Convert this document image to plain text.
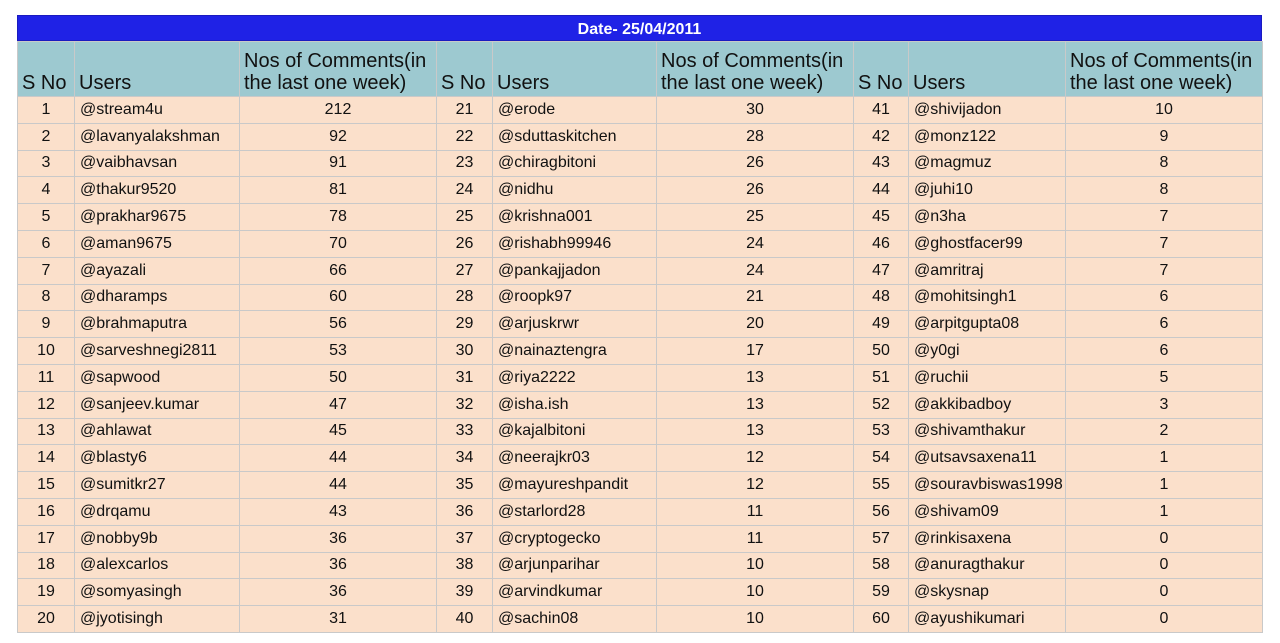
Date- 25/04/2011
S No	Users	Nos of Comments(in the last one week)	S No	Users	Nos of Comments(in the last one week)	S No	Users	Nos of Comments(in the last one week)
1	@stream4u	212	21	@erode	30	41	@shivijadon	10
2	@lavanyalakshman	92	22	@sduttaskitchen	28	42	@monz122	9
3	@vaibhavsan	91	23	@chiragbitoni	26	43	@magmuz	8
4	@thakur9520	81	24	@nidhu	26	44	@juhi10	8
5	@prakhar9675	78	25	@krishna001	25	45	@n3ha	7
6	@aman9675	70	26	@rishabh99946	24	46	@ghostfacer99	7
7	@ayazali	66	27	@pankajjadon	24	47	@amritraj	7
8	@dharamps	60	28	@roopk97	21	48	@mohitsingh1	6
9	@brahmaputra	56	29	@arjuskrwr	20	49	@arpitgupta08	6
10	@sarveshnegi2811	53	30	@nainaztengra	17	50	@y0gi	6
11	@sapwood	50	31	@riya2222	13	51	@ruchii	5
12	@sanjeev.kumar	47	32	@isha.ish	13	52	@akkibadboy	3
13	@ahlawat	45	33	@kajalbitoni	13	53	@shivamthakur	2
14	@blasty6	44	34	@neerajkr03	12	54	@utsavsaxena11	1
15	@sumitkr27	44	35	@mayureshpandit	12	55	@souravbiswas1998	1
16	@drqamu	43	36	@starlord28	11	56	@shivam09	1
17	@nobby9b	36	37	@cryptogecko	11	57	@rinkisaxena	0
18	@alexcarlos	36	38	@arjunparihar	10	58	@anuragthakur	0
19	@somyasingh	36	39	@arvindkumar	10	59	@skysnap	0
20	@jyotisingh	31	40	@sachin08	10	60	@ayushikumari	0
